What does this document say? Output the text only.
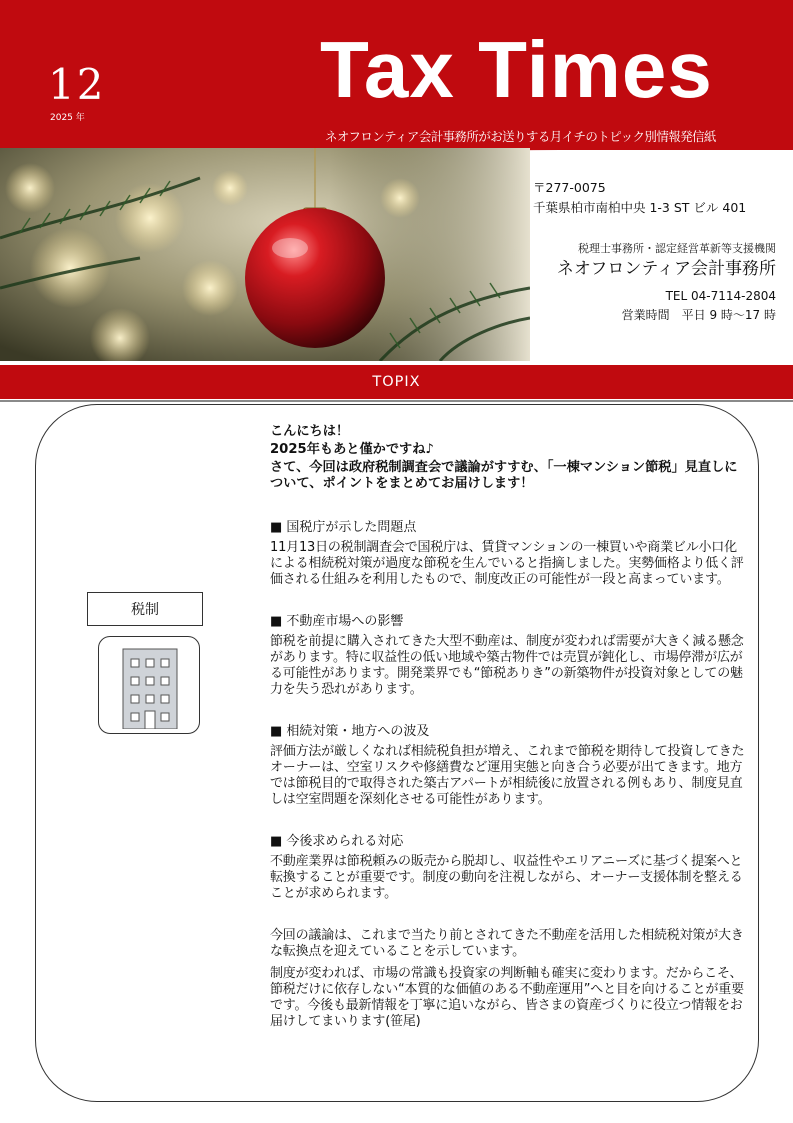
12
2025 年
Tax Times
ネオフロンティア会計事務所がお送りする月イチのトピック別情報発信紙
〒277-0075
千葉県柏市南柏中央 1-3 ST ビル 401
税理士事務所・認定経営革新等支援機関
ネオフロンティア会計事務所
TEL 04-7114-2804
営業時間　平日 9 時～17 時
TOPIX
税制

こんにちは！

2025年もあと僅かですね♪

さて、今回は政府税制調査会で議論がすすむ、「一棟マンション節税」見直しについて、ポイントをまとめてお届けします！

■ 国税庁が示した問題点
11月13日の税制調査会で国税庁は、賃貸マンションの一棟買いや商業ビル小口化による相続税対策が過度な節税を生んでいると指摘しました。実勢価格より低く評価される仕組みを利用したもので、制度改正の可能性が一段と高まっています。
■ 不動産市場への影響
節税を前提に購入されてきた大型不動産は、制度が変われば需要が大きく減る懸念があります。特に収益性の低い地域や築古物件では売買が鈍化し、市場停滞が広がる可能性があります。開発業界でも“節税ありき”の新築物件が投資対象としての魅力を失う恐れがあります。
■ 相続対策・地方への波及
評価方法が厳しくなれば相続税負担が増え、これまで節税を期待して投資してきたオーナーは、空室リスクや修繕費など運用実態と向き合う必要が出てきます。地方では節税目的で取得された築古アパートが相続後に放置される例もあり、制度見直しは空室問題を深刻化させる可能性があります。
■ 今後求められる対応
不動産業界は節税頼みの販売から脱却し、収益性やエリアニーズに基づく提案へと転換することが重要です。制度の動向を注視しながら、オーナー支援体制を整えることが求められます。

今回の議論は、これまで当たり前とされてきた不動産を活用した相続税対策が大きな転換点を迎えていることを示しています。

制度が変われば、市場の常識も投資家の判断軸も確実に変わります。だからこそ、節税だけに依存しない“本質的な価値のある不動産運用”へと目を向けることが重要です。今後も最新情報を丁寧に追いながら、皆さまの資産づくりに役立つ情報をお届けしてまいります(笹尾)
